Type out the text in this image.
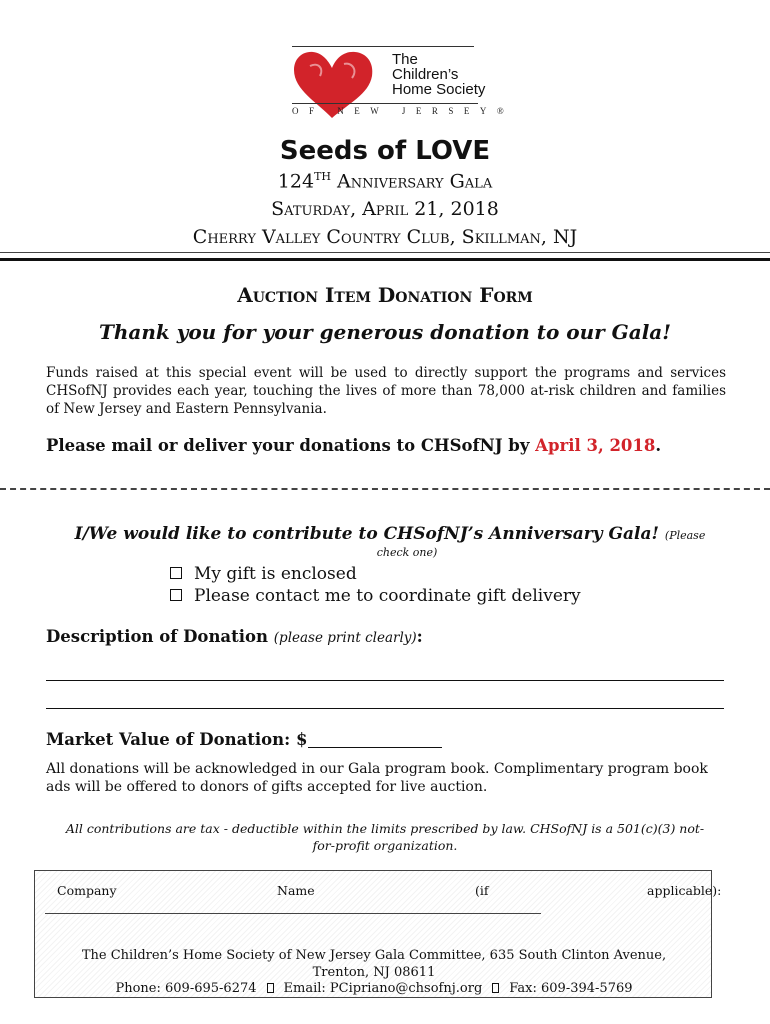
The
Children’s
Home Society
OF NEW JERSEY®
Seeds of LOVE
124TH Anniversary Gala
Saturday, April 21, 2018
Cherry Valley Country Club, Skillman, NJ
Auction Item Donation Form
Thank you for your generous donation to our Gala!
Funds raised at this special event will be used to directly support the programs and services CHSofNJ provides each year, touching the lives of more than 78,000 at-risk children and families of New Jersey and Eastern Pennsylvania.
Please mail or deliver your donations to CHSofNJ by April 3, 2018.
I/We would like to contribute to CHSofNJ’s Anniversary Gala! (Please
check one)
My gift is enclosed
Please contact me to coordinate gift delivery
Description of Donation (please print clearly):
Market Value of Donation: $
All donations will be acknowledged in our Gala program book. Complimentary program book ads will be offered to donors of gifts accepted for live auction.
All contributions are tax - deductible within the limits prescribed by law. CHSofNJ is a 501(c)(3) not-for-profit organization.
Company	Name	(if	applicable):
The Children’s Home Society of New Jersey Gala Committee, 635 South Clinton Avenue,
Trenton, NJ 08611
Phone: 609-695-6274 Email: PCipriano@chsofnj.org Fax: 609-394-5769
